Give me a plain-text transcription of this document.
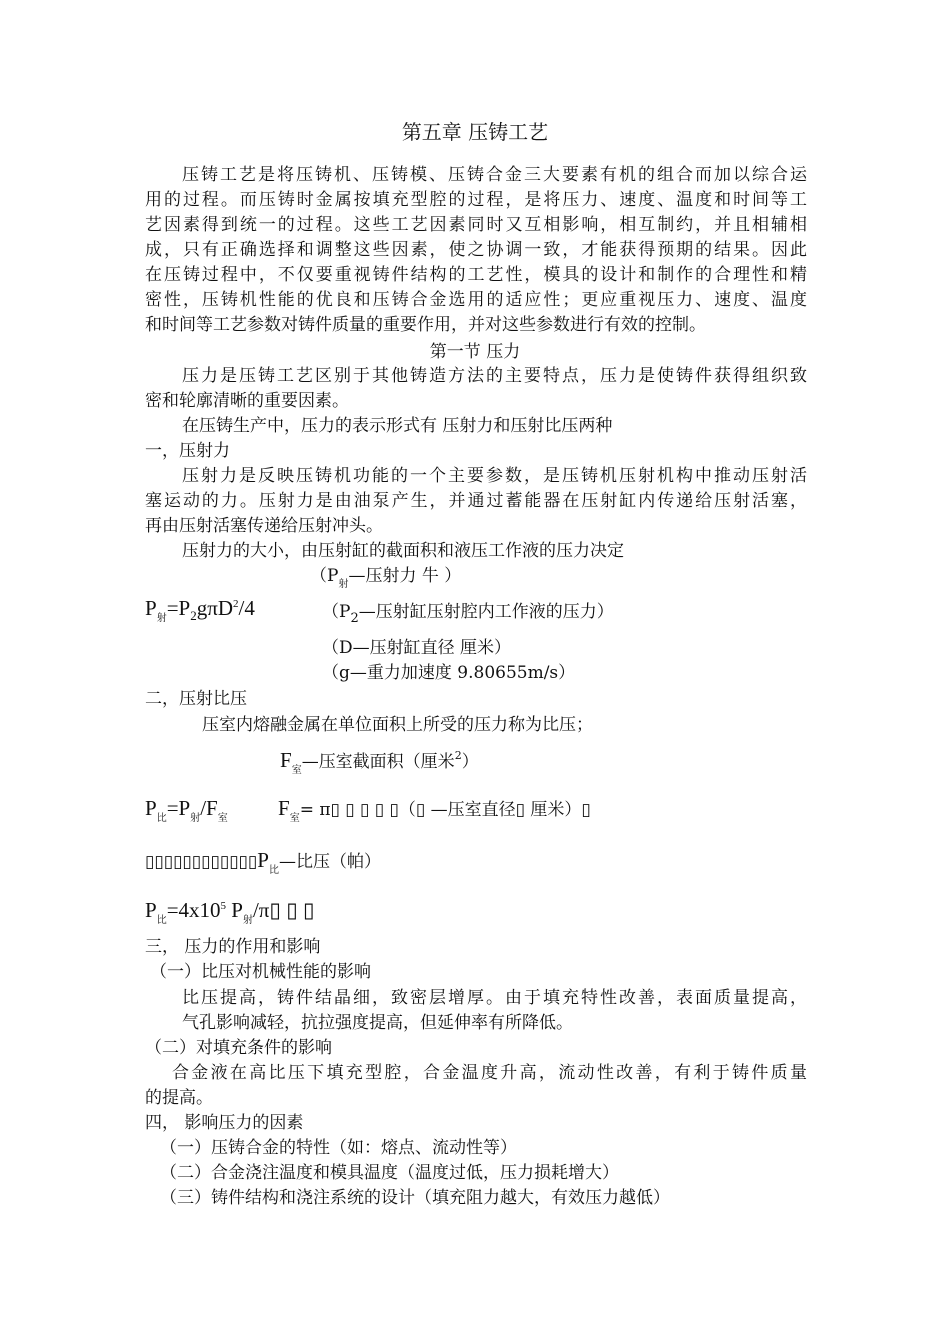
第五章 压铸工艺
压铸工艺是将压铸机、压铸模、压铸合金三大要素有机的组合而加以综合运
用的过程。而压铸时金属按填充型腔的过程，是将压力、速度、温度和时间等工
艺因素得到统一的过程。这些工艺因素同时又互相影响，相互制约，并且相辅相
成，只有正确选择和调整这些因素，使之协调一致，才能获得预期的结果。因此
在压铸过程中，不仅要重视铸件结构的工艺性，模具的设计和制作的合理性和精
密性，压铸机性能的优良和压铸合金选用的适应性；更应重视压力、速度、温度
和时间等工艺参数对铸件质量的重要作用，并对这些参数进行有效的控制。
第一节 压力
压力是压铸工艺区别于其他铸造方法的主要特点，压力是使铸件获得组织致
密和轮廓清晰的重要因素。
在压铸生产中，压力的表示形式有 压射力和压射比压两种
一，压射力
压射力是反映压铸机功能的一个主要参数，是压铸机压射机构中推动压射活
塞运动的力。压射力是由油泵产生，并通过蓄能器在压射缸内传递给压射活塞，
再由压射活塞传递给压射冲头。
压射力的大小，由压射缸的截面积和液压工作液的压力决定
（$P_射—$压射力 牛 ）
$P_射=P_2g\pi D^2/4$	（$P_2—$压射缸压射腔内工作液的压力）
（D—压射缸直径 厘米）
（g—重力加速度 9.80655m/s）
二，压射比压
压室内熔融金属在单位面积上所受的压力称为比压；
$F_室—$压室截面积（厘米$^2$）
$P_比=P_射/F_室$ $F_室=$ π▯ ▯ ▯ ▯ ▯（▯ —压室直径▯ 厘米）▯
$▯▯▯▯▯▯▯▯▯▯▯▯P_比—$比压（帕）
$P_比=4x10^5$ $P_射/\pi▯$ ▯ ▯
三， 压力的作用和影响
（一）比压对机械性能的影响
比压提高，铸件结晶细，致密层增厚。由于填充特性改善，表面质量提高，
气孔影响减轻，抗拉强度提高，但延伸率有所降低。
（二）对填充条件的影响
合金液在高比压下填充型腔，合金温度升高，流动性改善，有利于铸件质量
的提高。
四， 影响压力的因素
（一）压铸合金的特性（如：熔点、流动性等）
（二）合金浇注温度和模具温度（温度过低，压力损耗增大）
（三）铸件结构和浇注系统的设计（填充阻力越大，有效压力越低）
